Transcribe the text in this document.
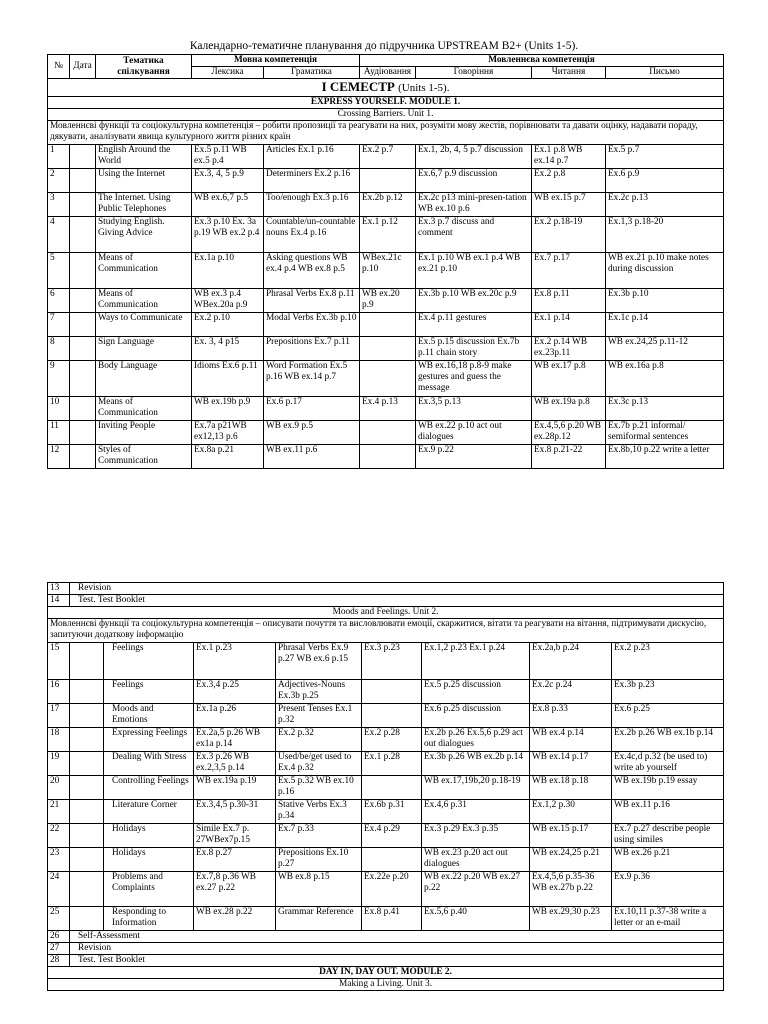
Календарно-тематичне планування до підручника UPSTREAM B2+ (Units 1-5).
№	Дата	Тематика спілкування	Мовна компетенція		Мовленнєва компетенція			
			Лексика	Граматика	Аудіювання	Говоріння	Читання	Письмо
І СЕМЕСТР (Units 1-5).								
EXPRESS YOURSELF. MODULE 1.								
Crossing Barriers. Unit 1.								
Мовленнєві функції та соціокультурна компетенція – робити пропозиції та реагувати на них, розуміти мову жестів, порівнювати та давати оцінку, надавати пораду, дякувати, аналізувати явища культурного життя різних країн								
1		English Around the World	Ex.5 p.11 WB ex.5 p.4	Articles Ex.1 p.16	Ex.2 p.7	Ex.1, 2b, 4, 5 p.7 discussion	Ex.1 p.8 WB ex.14 p.7	Ex.5 p.7
2		Using the Internet	Ex.3, 4, 5 p.9	Determiners Ex.2 p.16		Ex.6,7 p.9 discussion	Ex.2 p.8	Ex.6 p.9
3		The Internet. Using Public Telephones	WB ex.6,7 p.5	Too/enough Ex.3 p.16	Ex.2b p.12	Ex.2c p13 mini-presen-tation WB ex.10 p.6	WB ex.15 p.7	Ex.2c p.13
4		Studying English. Giving Advice	Ex.3 p.10 Ex. 3a p.19 WB ex.2 p.4	Countable/un-countable nouns Ex.4 p.16	Ex.1 p.12	Ex.3 p.7 discuss and comment	Ex.2 p.18-19	Ex.1,3 p.18-20
5		Means of Communication	Ex.1a p.10	Asking questions WB ex.4 p.4 WB ex.8 p.5	WBex.21c p.10	Ex.1 p.10 WB ex.1 p.4 WB ex.21 p.10	Ex.7 p.17	WB ex.21 p.10 make notes during discussion
6		Means of Communication	WB ex.3 p.4 WBex.20a p.9	Phrasal Verbs Ex.8 p.11	WB ex.20 p.9	Ex.3b p.10 WB ex.20c p.9	Ex.8 p.11	Ex.3b p.10
7		Ways to Communicate	Ex.2 p.10	Modal Verbs Ex.3b p.10		Ex.4 p.11 gestures	Ex.1 p.14	Ex.1c p.14
8		Sign Language	Ex. 3, 4 p15	Prepositions Ex.7 p.11		Ex.5 p.15 discussion Ex.7b p.11 chain story	Ex.2 p.14 WB ex.23p.11	WB ex.24,25 p.11-12
9		Body Language	Idioms Ex.6 p.11	Word Formation Ex.5 p.16 WB ex.14 p.7		WB ex.16,18 p.8-9 make gestures and guess the message	WB ex.17 p.8	WB ex.16a p.8
10		Means of Communication	WB ex.19b p.9	Ex.6 p.17	Ex.4 p.13	Ex.3,5 p.13	WB ex.19a p.8	Ex.3c p.13
11		Inviting People	Ex.7a p21WB ex12,13 p.6	WB ex.9 p.5		WB ex.22 p.10 act out dialogues	Ex.4,5,6 p.20 WB ex.28p.12	Ex.7b p.21 informal/ semiformal sentences
12		Styles of Communication	Ex.8a p.21	WB ex.11 p.6		Ex.9 p.22	Ex.8 p.21-22	Ex.8b,10 p.22 write a letter
13	Revision							
14	Test. Test Booklet							
Moods and Feelings. Unit 2.								
Мовленнєві функції та соціокультурна компетенція – описувати почуття та висловлювати емоції, скаржитися, вітати та реагувати на вітання, підтримувати дискусію, запитуючи додаткову інформацію								
15		Feelings	Ex.1 p.23	Phrasal Verbs Ex.9 p.27 WB ex.6 p.15	Ex.3 p.23	Ex.1,2 p.23 Ex.1 p.24	Ex.2a,b p.24	Ex.2 p.23
16		Feelings	Ex.3,4 p.25	Adjectives-Nouns Ex.3b p.25		Ex.5 p.25 discussion	Ex.2c p.24	Ex.3b p.23
17		Moods and Emotions	Ex.1a p.26	Present Tenses Ex.1 p.32		Ex.6 p.25 discussion	Ex.8 p.33	Ex.6 p.25
18		Expressing Feelings	Ex.2a,5 p.26 WB ex1a p.14	Ex.2 p.32	Ex.2 p.28	Ex.2b p.26 Ex.5,6 p.29 act out dialogues	WB ex.4 p.14	Ex.2b p.26 WB ex.1b p.14
19		Dealing With Stress	Ex.3 p.26 WB ex.2,3,5 p.14	Used/be/get used to Ex.4 p.32	Ex.1 p.28	Ex.3b p.26 WB ex.2b p.14	WB ex.14 p.17	Ex.4c,d p.32 (be used to) write ab yourself
20		Controlling Feelings	WB ex.19a p.19	Ex.5 p.32 WB ex.10 p.16		WB ex.17,19b,20 p.18-19	WB ex.18 p.18	WB ex.19b p.19 essay
21		Literature Corner	Ex.3,4,5 p.30-31	Stative Verbs Ex.3 p.34	Ex.6b p.31	Ex.4,6 p.31	Ex.1,2 p.30	WB ex.11 p.16
22		Holidays	Simile Ex.7 p. 27WBex7p.15	Ex.7 p.33	Ex.4 p.29	Ex.3 p.29 Ex.3 p.35	WB ex.15 p.17	Ex.7 p.27 describe people using similes
23		Holidays	Ex.8 p.27	Prepositions Ex.10 p.27		WB ex.23 p.20 act out dialogues	WB ex.24,25 p.21	WB ex.26 p.21
24		Problems and Complaints	Ex.7,8 p.36 WB ex.27 p.22	WB ex.8 p.15	Ex.22e p.20	WB ex.22 p.20 WB ex.27 p.22	Ex.4,5,6 p.35-36 WB ex.27b p.22	Ex.9 p.36
25		Responding to Information	WB ex.28 p.22	Grammar Reference	Ex.8 p.41	Ex.5,6 p.40	WB ex.29,30 p.23	Ex.10,11 p.37-38 write a letter or an e-mail
26	Self-Assessment							
27	Revision							
28	Test. Test Booklet							
DAY IN, DAY OUT. MODULE 2.								
Making a Living. Unit 3.								
